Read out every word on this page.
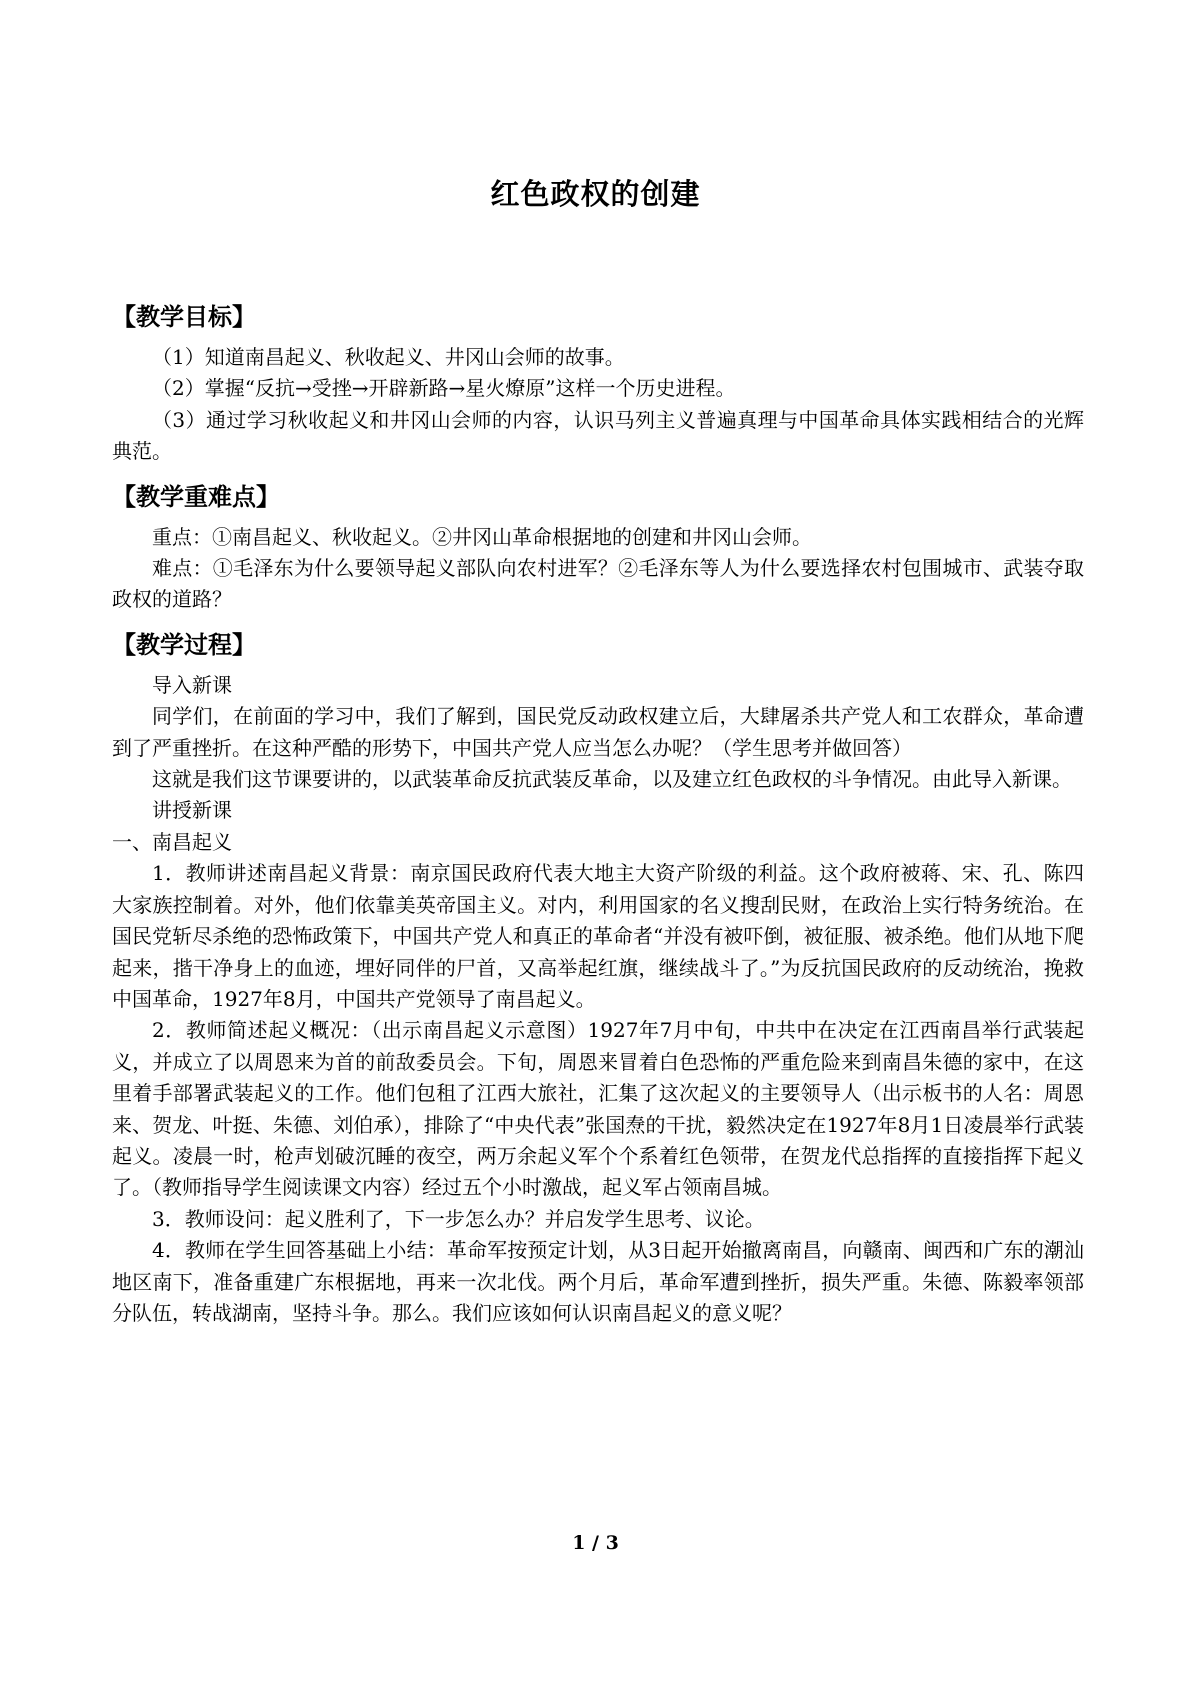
红色政权的创建
【教学目标】

（1）知道南昌起义、秋收起义、井冈山会师的故事。

（2）掌握“反抗→受挫→开辟新路→星火燎原”这样一个历史进程。

（3）通过学习秋收起义和井冈山会师的内容，认识马列主义普遍真理与中国革命具体实践相结合的光辉典范。

【教学重难点】

重点：①南昌起义、秋收起义。②井冈山革命根据地的创建和井冈山会师。

难点：①毛泽东为什么要领导起义部队向农村进军？②毛泽东等人为什么要选择农村包围城市、武装夺取政权的道路？

【教学过程】

导入新课

同学们，在前面的学习中，我们了解到，国民党反动政权建立后，大肆屠杀共产党人和工农群众，革命遭到了严重挫折。在这种严酷的形势下，中国共产党人应当怎么办呢？（学生思考并做回答）

这就是我们这节课要讲的，以武装革命反抗武装反革命，以及建立红色政权的斗争情况。由此导入新课。

讲授新课

一、南昌起义

1．教师讲述南昌起义背景：南京国民政府代表大地主大资产阶级的利益。这个政府被蒋、宋、孔、陈四大家族控制着。对外，他们依靠美英帝国主义。对内，利用国家的名义搜刮民财，在政治上实行特务统治。在国民党斩尽杀绝的恐怖政策下，中国共产党人和真正的革命者“并没有被吓倒，被征服、被杀绝。他们从地下爬起来，揩干净身上的血迹，埋好同伴的尸首，又高举起红旗，继续战斗了。”为反抗国民政府的反动统治，挽救中国革命，1927年8月，中国共产党领导了南昌起义。

2．教师简述起义概况：（出示南昌起义示意图）1927年7月中旬，中共中在决定在江西南昌举行武装起义，并成立了以周恩来为首的前敌委员会。下旬，周恩来冒着白色恐怖的严重危险来到南昌朱德的家中，在这里着手部署武装起义的工作。他们包租了江西大旅社，汇集了这次起义的主要领导人（出示板书的人名：周恩来、贺龙、叶挺、朱德、刘伯承），排除了“中央代表”张国焘的干扰，毅然决定在1927年8月1日凌晨举行武装起义。凌晨一时，枪声划破沉睡的夜空，两万余起义军个个系着红色领带，在贺龙代总指挥的直接指挥下起义了。（教师指导学生阅读课文内容）经过五个小时激战，起义军占领南昌城。

3．教师设问：起义胜利了，下一步怎么办？并启发学生思考、议论。

4．教师在学生回答基础上小结：革命军按预定计划，从3日起开始撤离南昌，向赣南、闽西和广东的潮汕地区南下，准备重建广东根据地，再来一次北伐。两个月后，革命军遭到挫折，损失严重。朱德、陈毅率领部分队伍，转战湖南，坚持斗争。那么。我们应该如何认识南昌起义的意义呢？

1 / 3
